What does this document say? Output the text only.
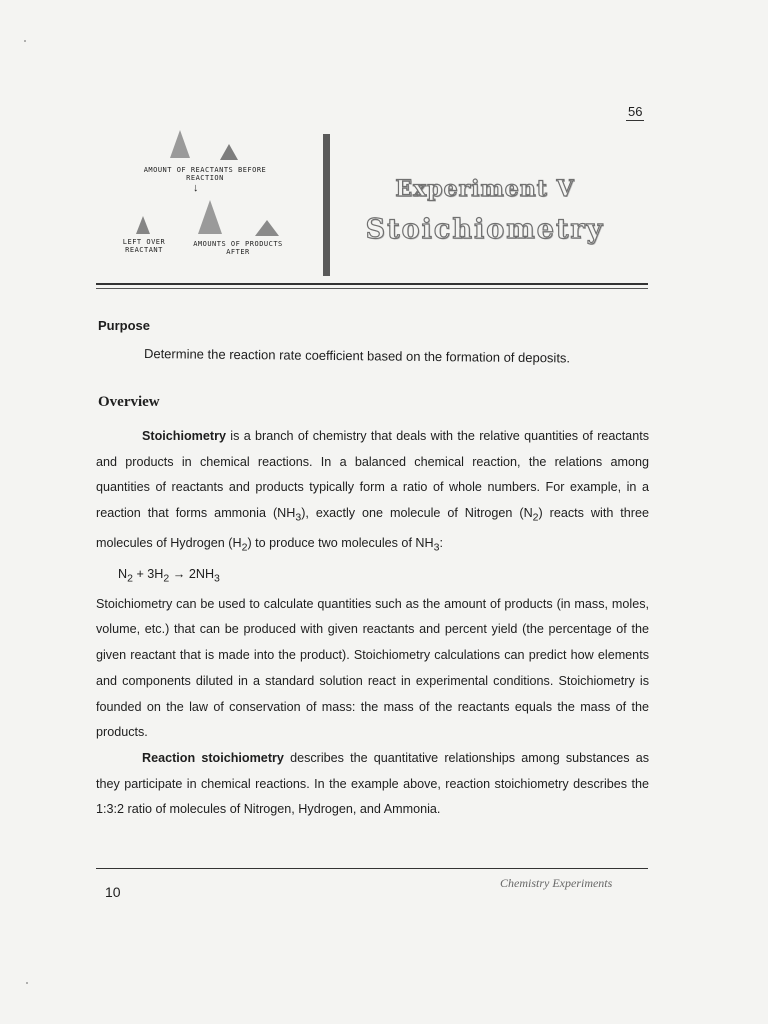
56
AMOUNT OF REACTANTS BEFORE REACTION
↓
LEFT OVER REACTANT
AMOUNTS OF PRODUCTS AFTER
Experiment V
Stoichiometry
Purpose
Determine the reaction rate coefficient based on the formation of deposits.
Overview

Stoichiometry is a branch of chemistry that deals with the relative quantities of reactants and products in chemical reactions. In a balanced chemical reaction, the relations among quantities of reactants and products typically form a ratio of whole numbers. For example, in a reaction that forms ammonia $(NH_3)$, exactly one molecule of Nitrogen $(N_2)$ reacts with three molecules of Hydrogen $(H_2)$ to produce two molecules of $NH_3$:

$N_2 + 3H_2 \to 2NH_3$

Stoichiometry can be used to calculate quantities such as the amount of products (in mass, moles, volume, etc.) that can be produced with given reactants and percent yield (the percentage of the given reactant that is made into the product). Stoichiometry calculations can predict how elements and components diluted in a standard solution react in experimental conditions. Stoichiometry is founded on the law of conservation of mass: the mass of the reactants equals the mass of the products.

Reaction stoichiometry describes the quantitative relationships among substances as they participate in chemical reactions. In the example above, reaction stoichiometry describes the 1:3:2 ratio of molecules of Nitrogen, Hydrogen, and Ammonia.

10
Chemistry Experiments
